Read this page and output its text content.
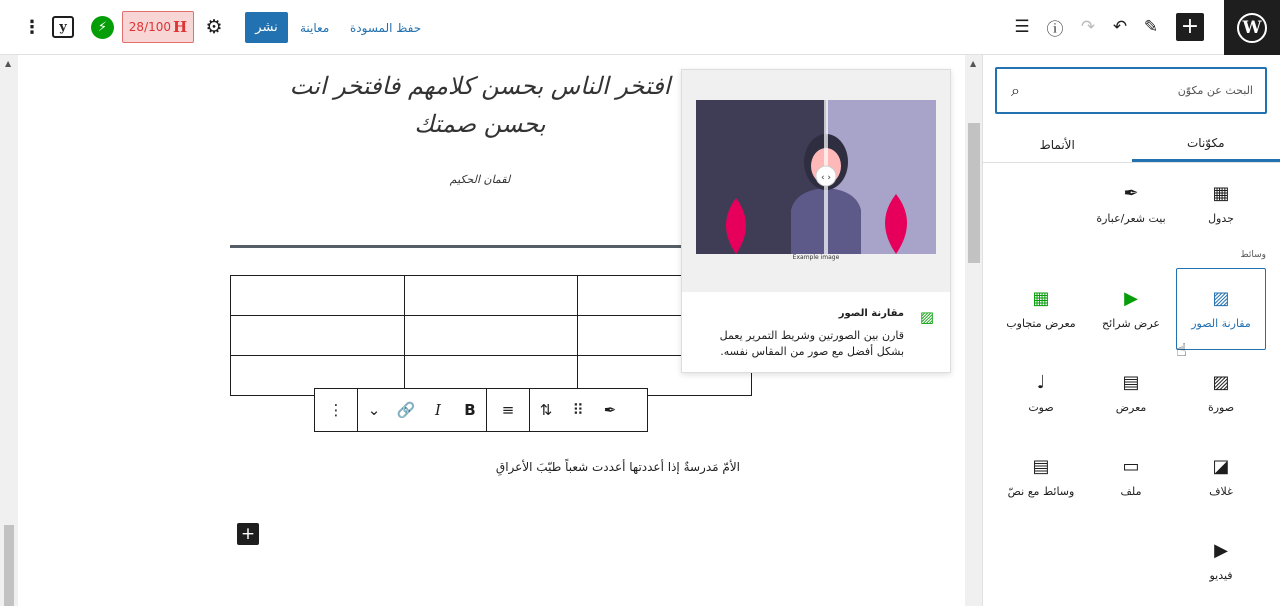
W
+
✎
↶
↷
ⓘ
☰
حفظ المسودة
معاينة
نشر
⚙
28/100 H
⚡
y
⋮
▲
افتخر الناس بحسن كلامهم فافتخر انت
بحسن صمتك
لقمان الحكيم

⋮	⌄	🔗	I	B	≡	⇅	⠿	✒
الأمّ مَدرسةٌ إذا أعددتها أعددت شعباً طيّبَ الأعراقِ
+
‹ ›
Example image
▨
مقارنة الصور
قارن بين الصورتين وشريط التمرير يعمل بشكل أفضل مع صور من المقاس نفسه.
▲
⌕	البحث عن مكوّن
الأنماط	مكوّنات
▦
جدول
✒
بيت شعر/عبارة
وسائط
▨
مقارنة الصور
▶
عرض شرائح
▦
معرض متجاوب
▨
صورة
▤
معرض
♩
صوت
◪
غلاف
▭
ملف
▤
وسائط مع نصّ
▶
فيديو
☝
